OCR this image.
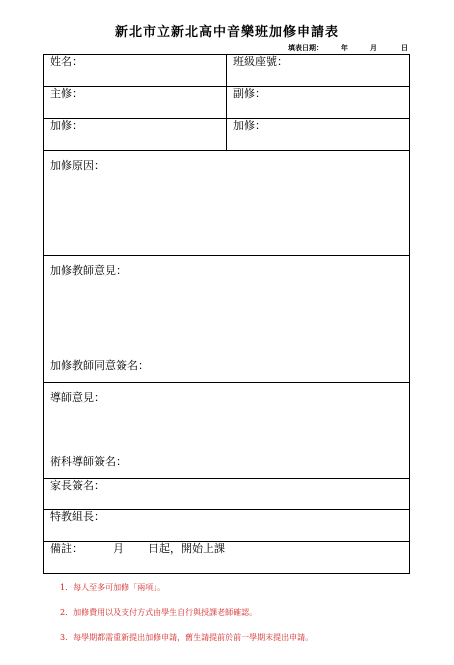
新北市立新北高中音樂班加修申請表
填表日期：	年	月	日
姓名：	班級座號：
主修：	副修：
加修：	加修：

加修原因：	

加修教師意見：
加修教師同意簽名：	

導師意見：
術科導師簽名：	

家長簽名：	
特教組長：	

備註： 月 日起，開始上課	
1．每人至多可加修「兩項」。
2．加修費用以及支付方式由學生自行與授課老師確認。
3．每學期都需重新提出加修申請，舊生請提前於前一學期末提出申請。
